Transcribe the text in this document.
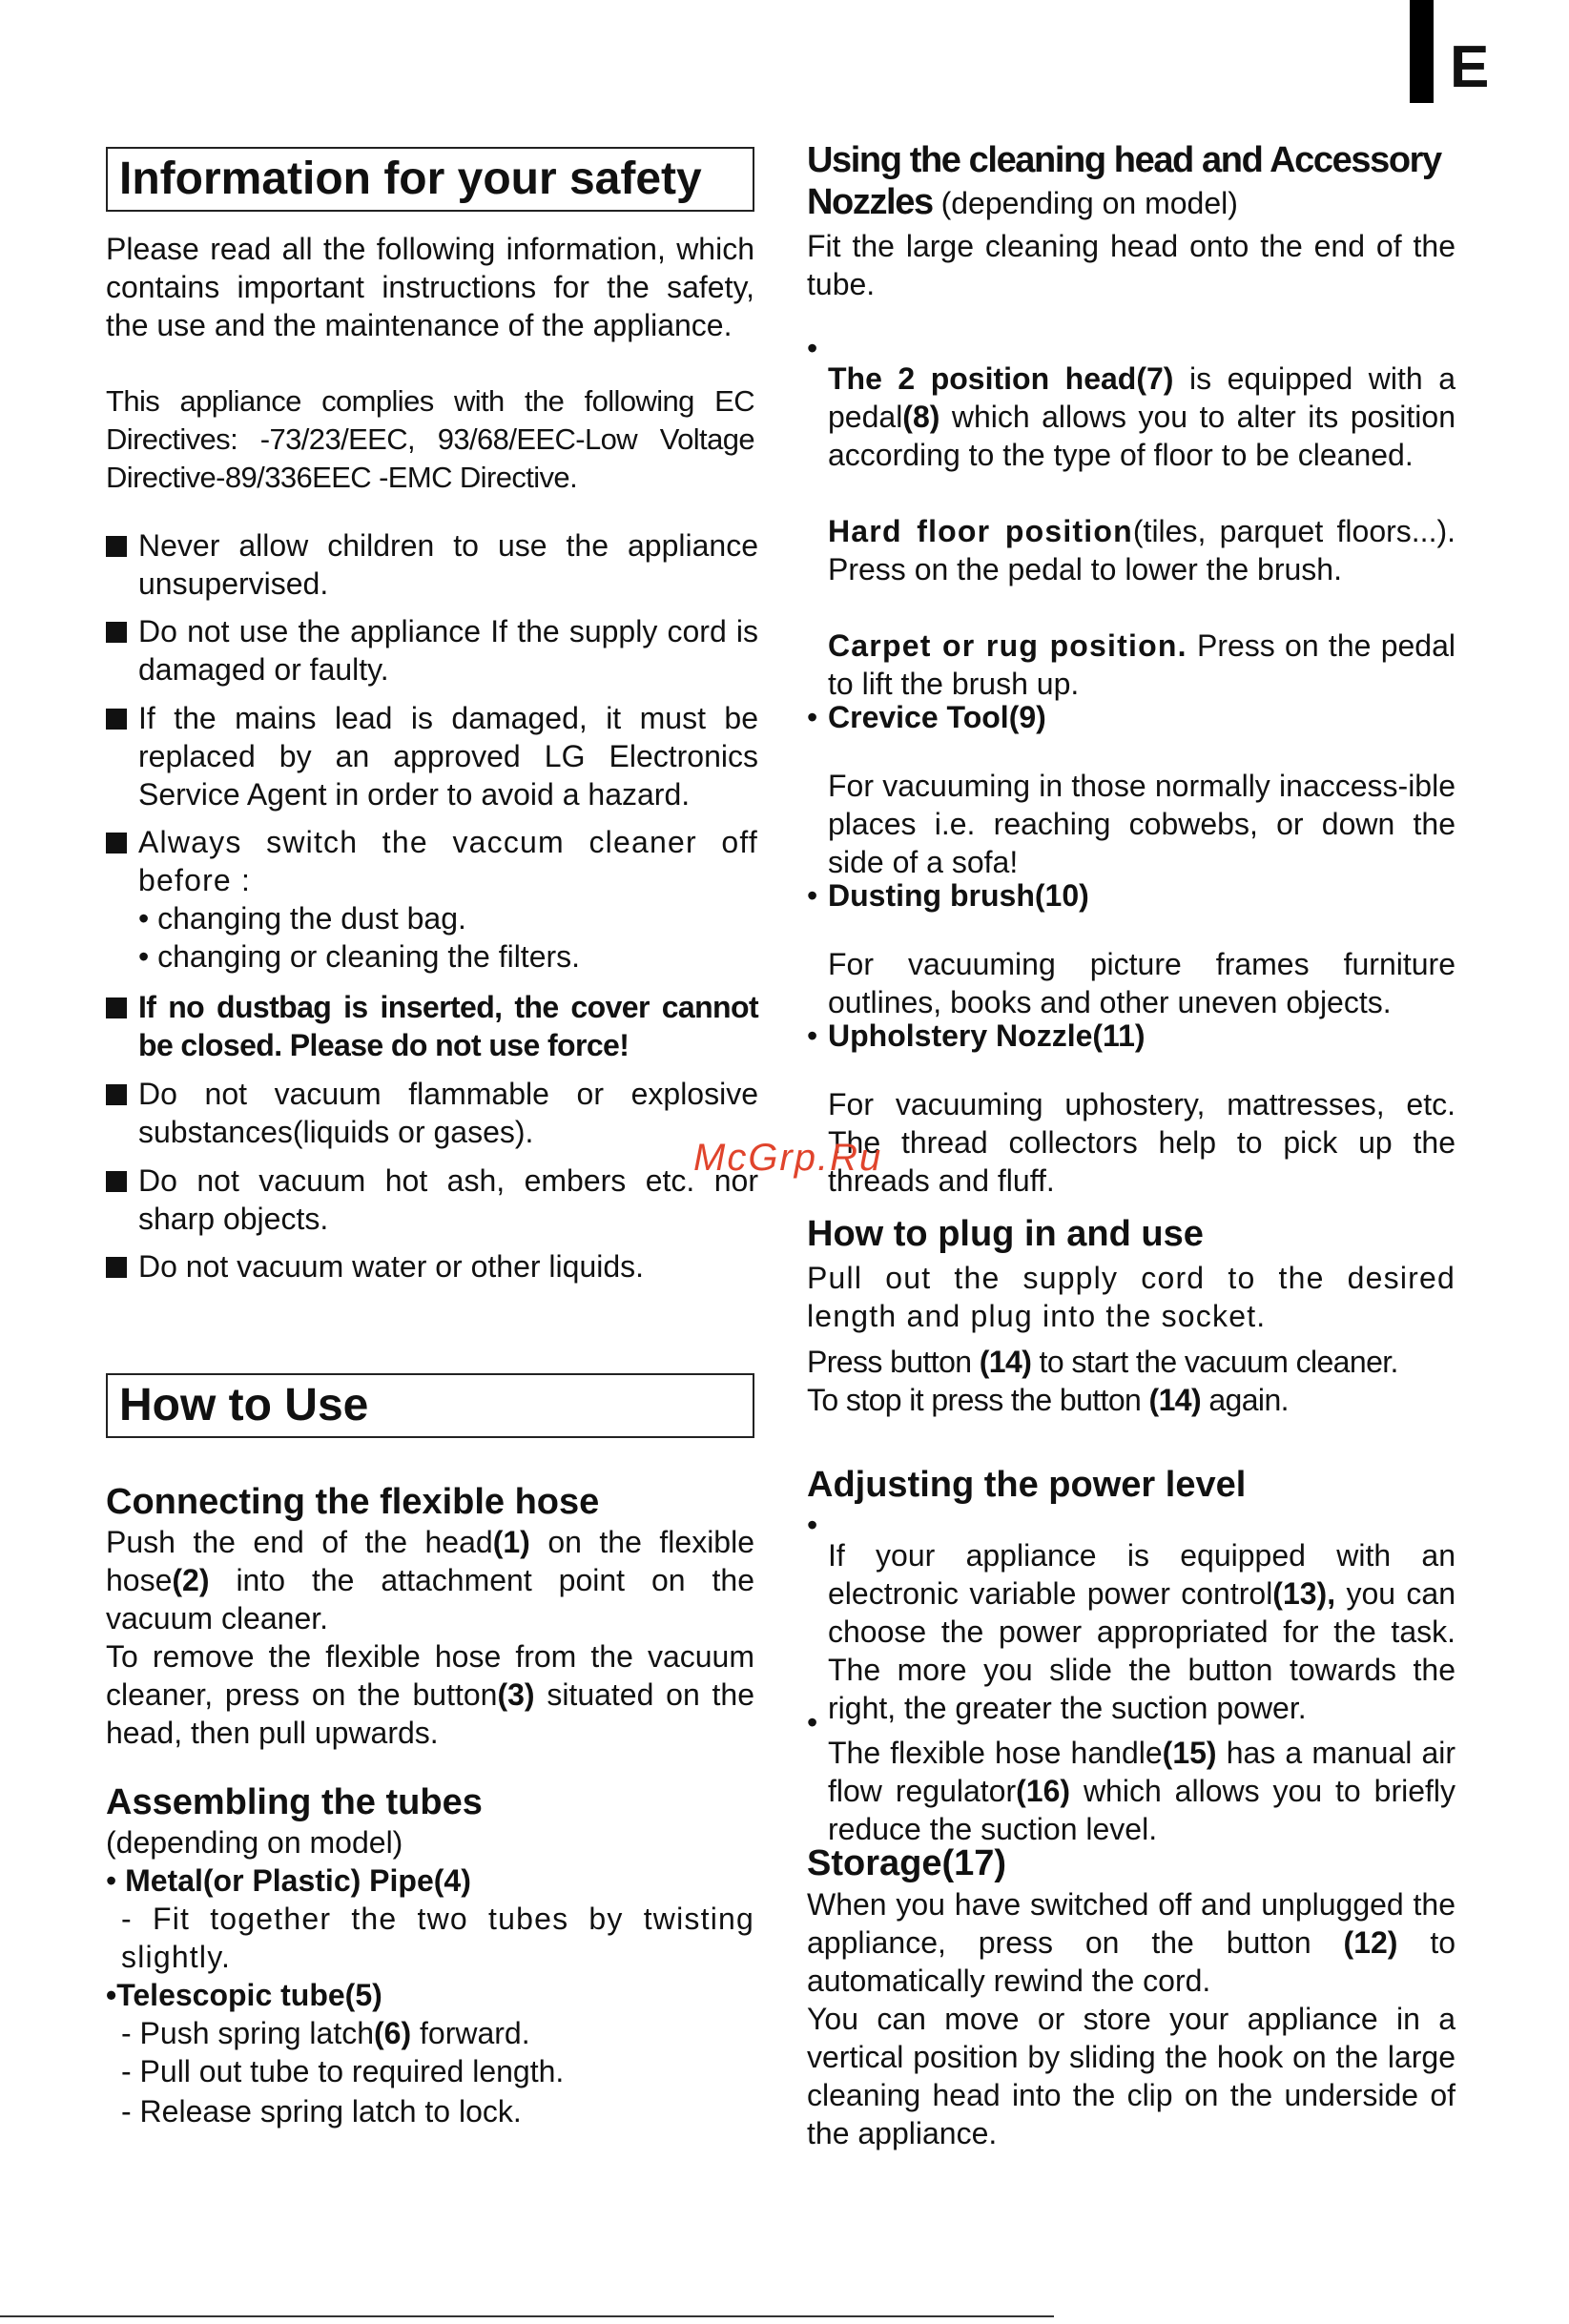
E
Information for your safety

Please read all the following information, which contains important instructions for the safety, the use and the maintenance of the appliance.

This appliance complies with the following EC Directives: -73/23/EEC, 93/68/EEC-Low Voltage Directive-89/336EEC -EMC Directive.

Never allow children to use the appliance unsupervised.
Do not use the appliance If the supply cord is damaged or faulty.
If the mains lead is damaged, it must be replaced by an approved LG Electronics Service Agent in order to avoid a hazard.
Always switch the vaccum cleaner off before :
• changing the dust bag.
• changing or cleaning the filters.
If no dustbag is inserted, the cover cannot be closed. Please do not use force!
Do not vacuum flammable or explosive substances(liquids or gases).
Do not vacuum hot ash, embers etc. nor sharp objects.
Do not vacuum water or other liquids.
How to Use
Connecting the flexible hose

Push the end of the head(1) on the flexible hose(2) into the attachment point on the vacuum cleaner.

To remove the flexible hose from the vacuum cleaner, press on the button(3) situated on the head, then pull upwards.

Assembling the tubes
(depending on model)
• Metal(or Plastic) Pipe(4)
- Fit together the two tubes by twisting slightly.
•Telescopic tube(5)
- Push spring latch(6) forward.
- Pull out tube to required length.
- Release spring latch to lock.
Using the cleaning head and Accessory
Nozzles (depending on model)

Fit the large cleaning head onto the end of the tube.

•

The 2 position head(7) is equipped with a pedal(8) which allows you to alter its position according to the type of floor to be cleaned.

Hard floor position(tiles, parquet floors...). Press on the pedal to lower the brush.

Carpet or rug position. Press on the pedal to lift the brush up.

• Crevice Tool(9)

For vacuuming in those normally inaccess-ible places i.e. reaching cobwebs, or down the side of a sofa!

• Dusting brush(10)

For vacuuming picture frames furniture outlines, books and other uneven objects.

• Upholstery Nozzle(11)

For vacuuming uphostery, mattresses, etc. The thread collectors help to pick up the threads and fluff.

How to plug in and use

Pull out the supply cord to the desired length and plug into the socket.

Press button (14) to start the vacuum cleaner.
To stop it press the button (14) again.
Adjusting the power level
•

If your appliance is equipped with an electronic variable power control(13), you can choose the power appropriated for the task. The more you slide the button towards the right, the greater the suction power.

•

The flexible hose handle(15) has a manual air flow regulator(16) which allows you to briefly reduce the suction level.

Storage(17)

When you have switched off and unplugged the appliance, press on the button (12) to automatically rewind the cord.

You can move or store your appliance in a vertical position by sliding the hook on the large cleaning head into the clip on the underside of the appliance.

McGrp.Ru
